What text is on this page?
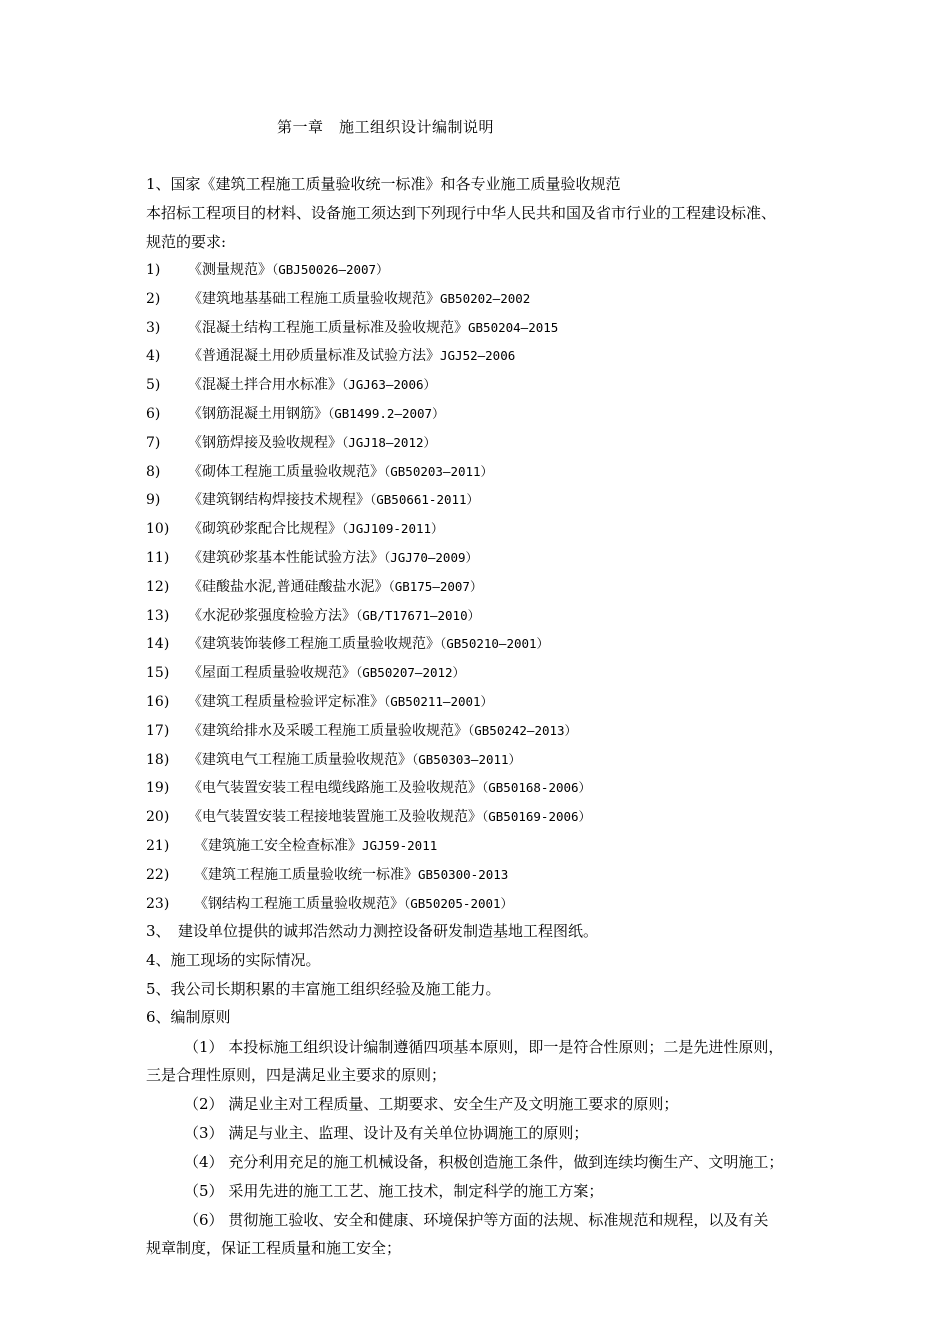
第一章　施工组织设计编制说明
1、国家《建筑工程施工质量验收统一标准》和各专业施工质量验收规范
本招标工程项目的材料、设备施工须达到下列现行中华人民共和国及省市行业的工程建设标准、
规范的要求:
1) 《测量规范》（GBJ50026—2007）
2) 《建筑地基基础工程施工质量验收规范》GB50202—2002
3) 《混凝土结构工程施工质量标准及验收规范》GB50204—2015
4) 《普通混凝土用砂质量标准及试验方法》JGJ52—2006
5) 《混凝土拌合用水标准》（JGJ63—2006）
6) 《钢筋混凝土用钢筋》（GB1499.2—2007）
7) 《钢筋焊接及验收规程》（JGJ18—2012）
8) 《砌体工程施工质量验收规范》（GB50203—2011）
9) 《建筑钢结构焊接技术规程》（GB50661-2011）
10) 《砌筑砂浆配合比规程》（JGJ109-2011）
11) 《建筑砂浆基本性能试验方法》（JGJ70—2009）
12) 《硅酸盐水泥,普通硅酸盐水泥》（GB175—2007）
13) 《水泥砂浆强度检验方法》（GB/T17671—2010）
14) 《建筑装饰装修工程施工质量验收规范》（GB50210—2001）
15) 《屋面工程质量验收规范》（GB50207—2012）
16) 《建筑工程质量检验评定标准》（GB50211—2001）
17) 《建筑给排水及采暖工程施工质量验收规范》（GB50242—2013）
18) 《建筑电气工程施工质量验收规范》（GB50303—2011）
19) 《电气装置安装工程电缆线路施工及验收规范》（GB50168-2006）
20) 《电气装置安装工程接地装置施工及验收规范》（GB50169-2006）
21) 《建筑施工安全检查标准》JGJ59-2011
22) 《建筑工程施工质量验收统一标准》GB50300-2013
23) 《钢结构工程施工质量验收规范》（GB50205-2001）
3、　建设单位提供的诚邦浩然动力测控设备研发制造基地工程图纸。
4、施工现场的实际情况。
5、我公司长期积累的丰富施工组织经验及施工能力。
6、编制原则
（1） 本投标施工组织设计编制遵循四项基本原则，即一是符合性原则；二是先进性原则，
三是合理性原则，四是满足业主要求的原则；
（2） 满足业主对工程质量、工期要求、安全生产及文明施工要求的原则；
（3） 满足与业主、监理、设计及有关单位协调施工的原则；
（4） 充分利用充足的施工机械设备，积极创造施工条件，做到连续均衡生产、文明施工；
（5） 采用先进的施工工艺、施工技术，制定科学的施工方案；
（6） 贯彻施工验收、安全和健康、环境保护等方面的法规、标准规范和规程，以及有关
规章制度，保证工程质量和施工安全；
